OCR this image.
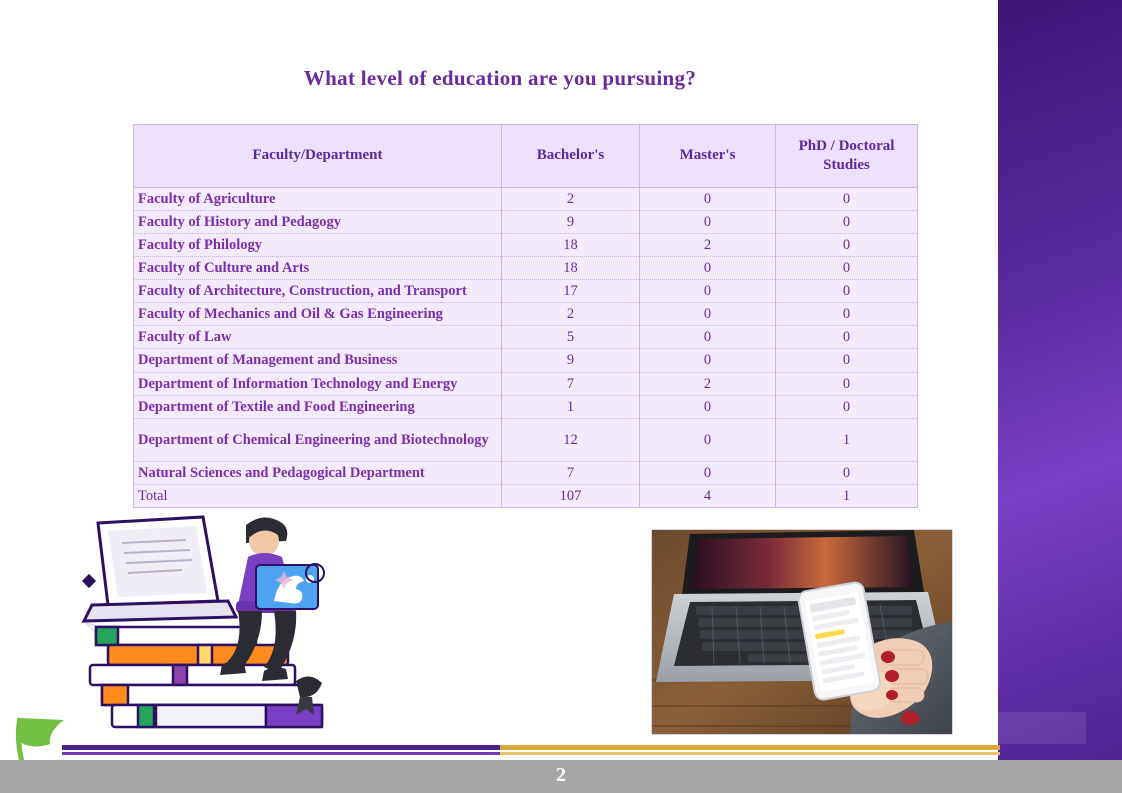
What level of education are you pursuing?
Faculty/Department	Bachelor's	Master's	PhD / Doctoral Studies
Faculty of Agriculture	2	0	0
Faculty of History and Pedagogy	9	0	0
Faculty of Philology	18	2	0
Faculty of Culture and Arts	18	0	0
Faculty of Architecture, Construction, and Transport	17	0	0
Faculty of Mechanics and Oil & Gas Engineering	2	0	0
Faculty of Law	5	0	0
Department of Management and Business	9	0	0
Department of Information Technology and Energy	7	2	0
Department of Textile and Food Engineering	1	0	0
Department of Chemical Engineering and Biotechnology	12	0	1
Natural Sciences and Pedagogical Department	7	0	0
Total	107	4	1
2
